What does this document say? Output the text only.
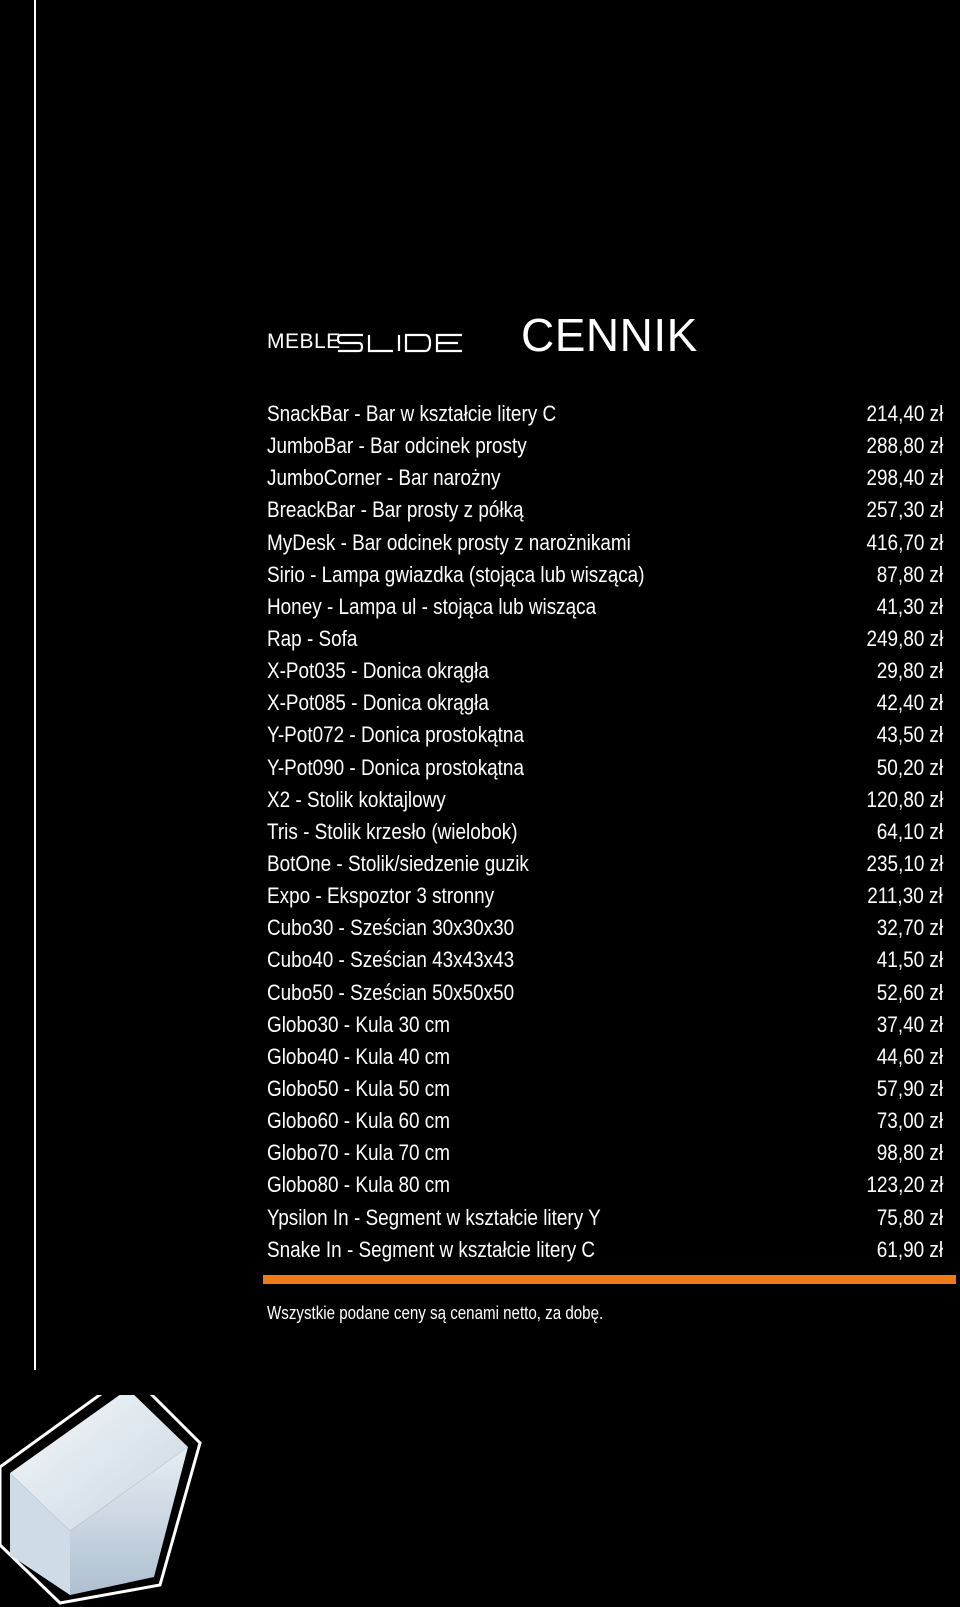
MEBLE	CENNIK
SnackBar - Bar w kształcie litery C	214,40 zł
JumboBar - Bar odcinek prosty	288,80 zł
JumboCorner - Bar narożny	298,40 zł
BreackBar - Bar prosty z półką	257,30 zł
MyDesk - Bar odcinek prosty z narożnikami	416,70 zł
Sirio - Lampa gwiazdka (stojąca lub wisząca)	87,80 zł
Honey - Lampa ul - stojąca lub wisząca	41,30 zł
Rap - Sofa	249,80 zł
X-Pot035 - Donica okrągła	29,80 zł
X-Pot085 - Donica okrągła	42,40 zł
Y-Pot072 - Donica prostokątna	43,50 zł
Y-Pot090 - Donica prostokątna	50,20 zł
X2 - Stolik koktajlowy	120,80 zł
Tris - Stolik krzesło (wielobok)	64,10 zł
BotOne - Stolik/siedzenie guzik	235,10 zł
Expo - Ekspoztor 3 stronny	211,30 zł
Cubo30 - Sześcian 30x30x30	32,70 zł
Cubo40 - Sześcian 43x43x43	41,50 zł
Cubo50 - Sześcian 50x50x50	52,60 zł
Globo30 - Kula 30 cm	37,40 zł
Globo40 - Kula 40 cm	44,60 zł
Globo50 - Kula 50 cm	57,90 zł
Globo60 - Kula 60 cm	73,00 zł
Globo70 - Kula 70 cm	98,80 zł
Globo80 - Kula 80 cm	123,20 zł
Ypsilon In - Segment w kształcie litery Y	75,80 zł
Snake In - Segment w kształcie litery C	61,90 zł
Wszystkie podane ceny są cenami netto, za dobę.
